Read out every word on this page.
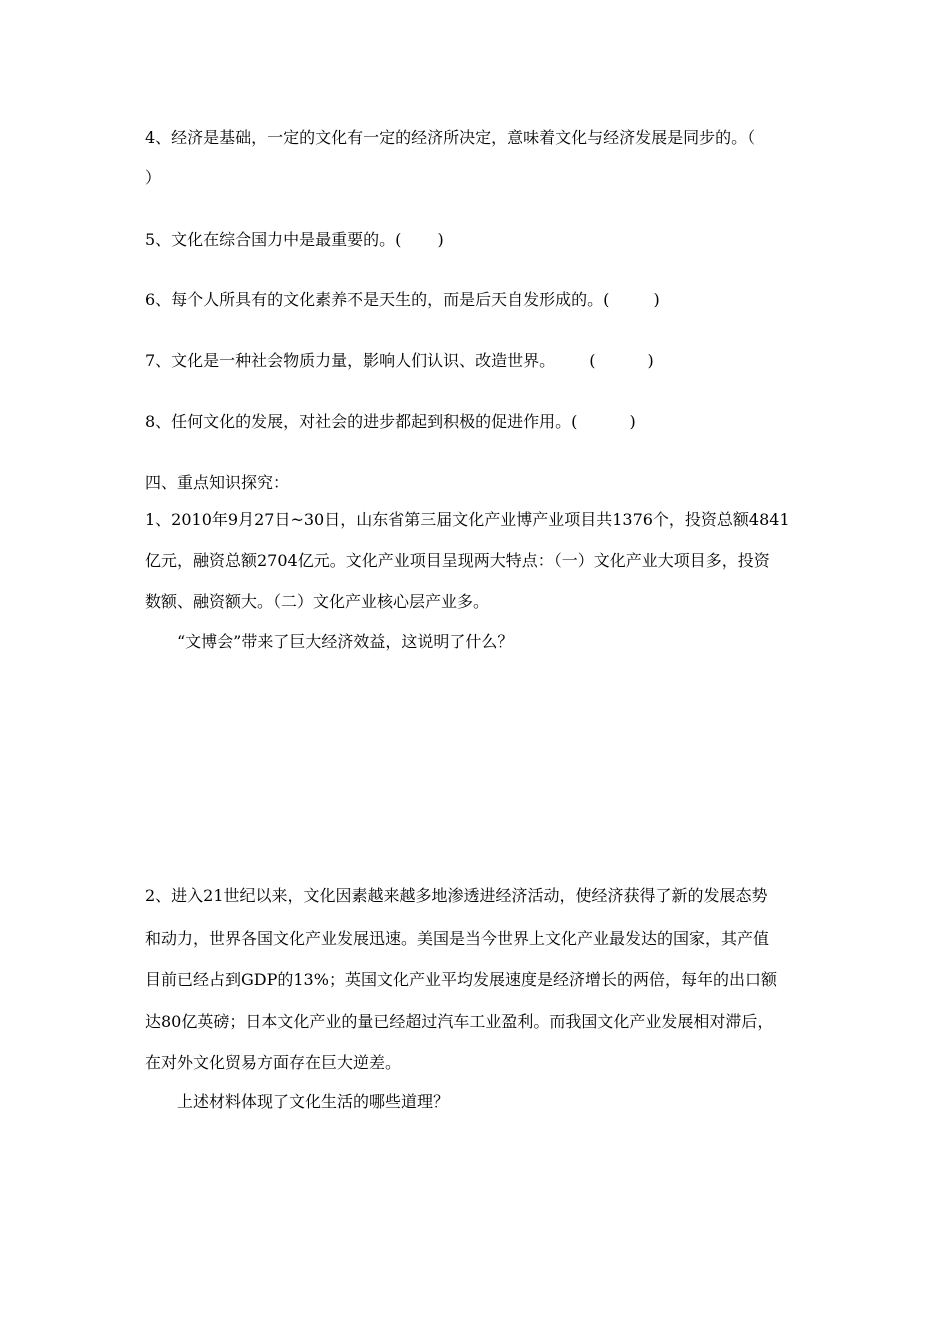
4、经济是基础，一定的文化有一定的经济所决定，意味着文化与经济发展是同步的。（
）
5、文化在综合国力中是最重要的。( )
6、每个人所具有的文化素养不是天生的，而是后天自发形成的。(	)
7、文化是一种社会物质力量，影响人们认识、改造世界。 (	)
8、任何文化的发展，对社会的进步都起到积极的促进作用。(	)
四、重点知识探究：
1、2010年9月27日~30日，山东省第三届文化产业博产业项目共1376个，投资总额4841
亿元，融资总额2704亿元。文化产业项目呈现两大特点：（一）文化产业大项目多，投资
数额、融资额大。（二）文化产业核心层产业多。
“文博会”带来了巨大经济效益，这说明了什么？
2、进入21世纪以来，文化因素越来越多地渗透进经济活动，使经济获得了新的发展态势
和动力，世界各国文化产业发展迅速。美国是当今世界上文化产业最发达的国家，其产值
目前已经占到GDP的13%；英国文化产业平均发展速度是经济增长的两倍，每年的出口额
达80亿英磅；日本文化产业的量已经超过汽车工业盈利。而我国文化产业发展相对滞后，
在对外文化贸易方面存在巨大逆差。
上述材料体现了文化生活的哪些道理？
